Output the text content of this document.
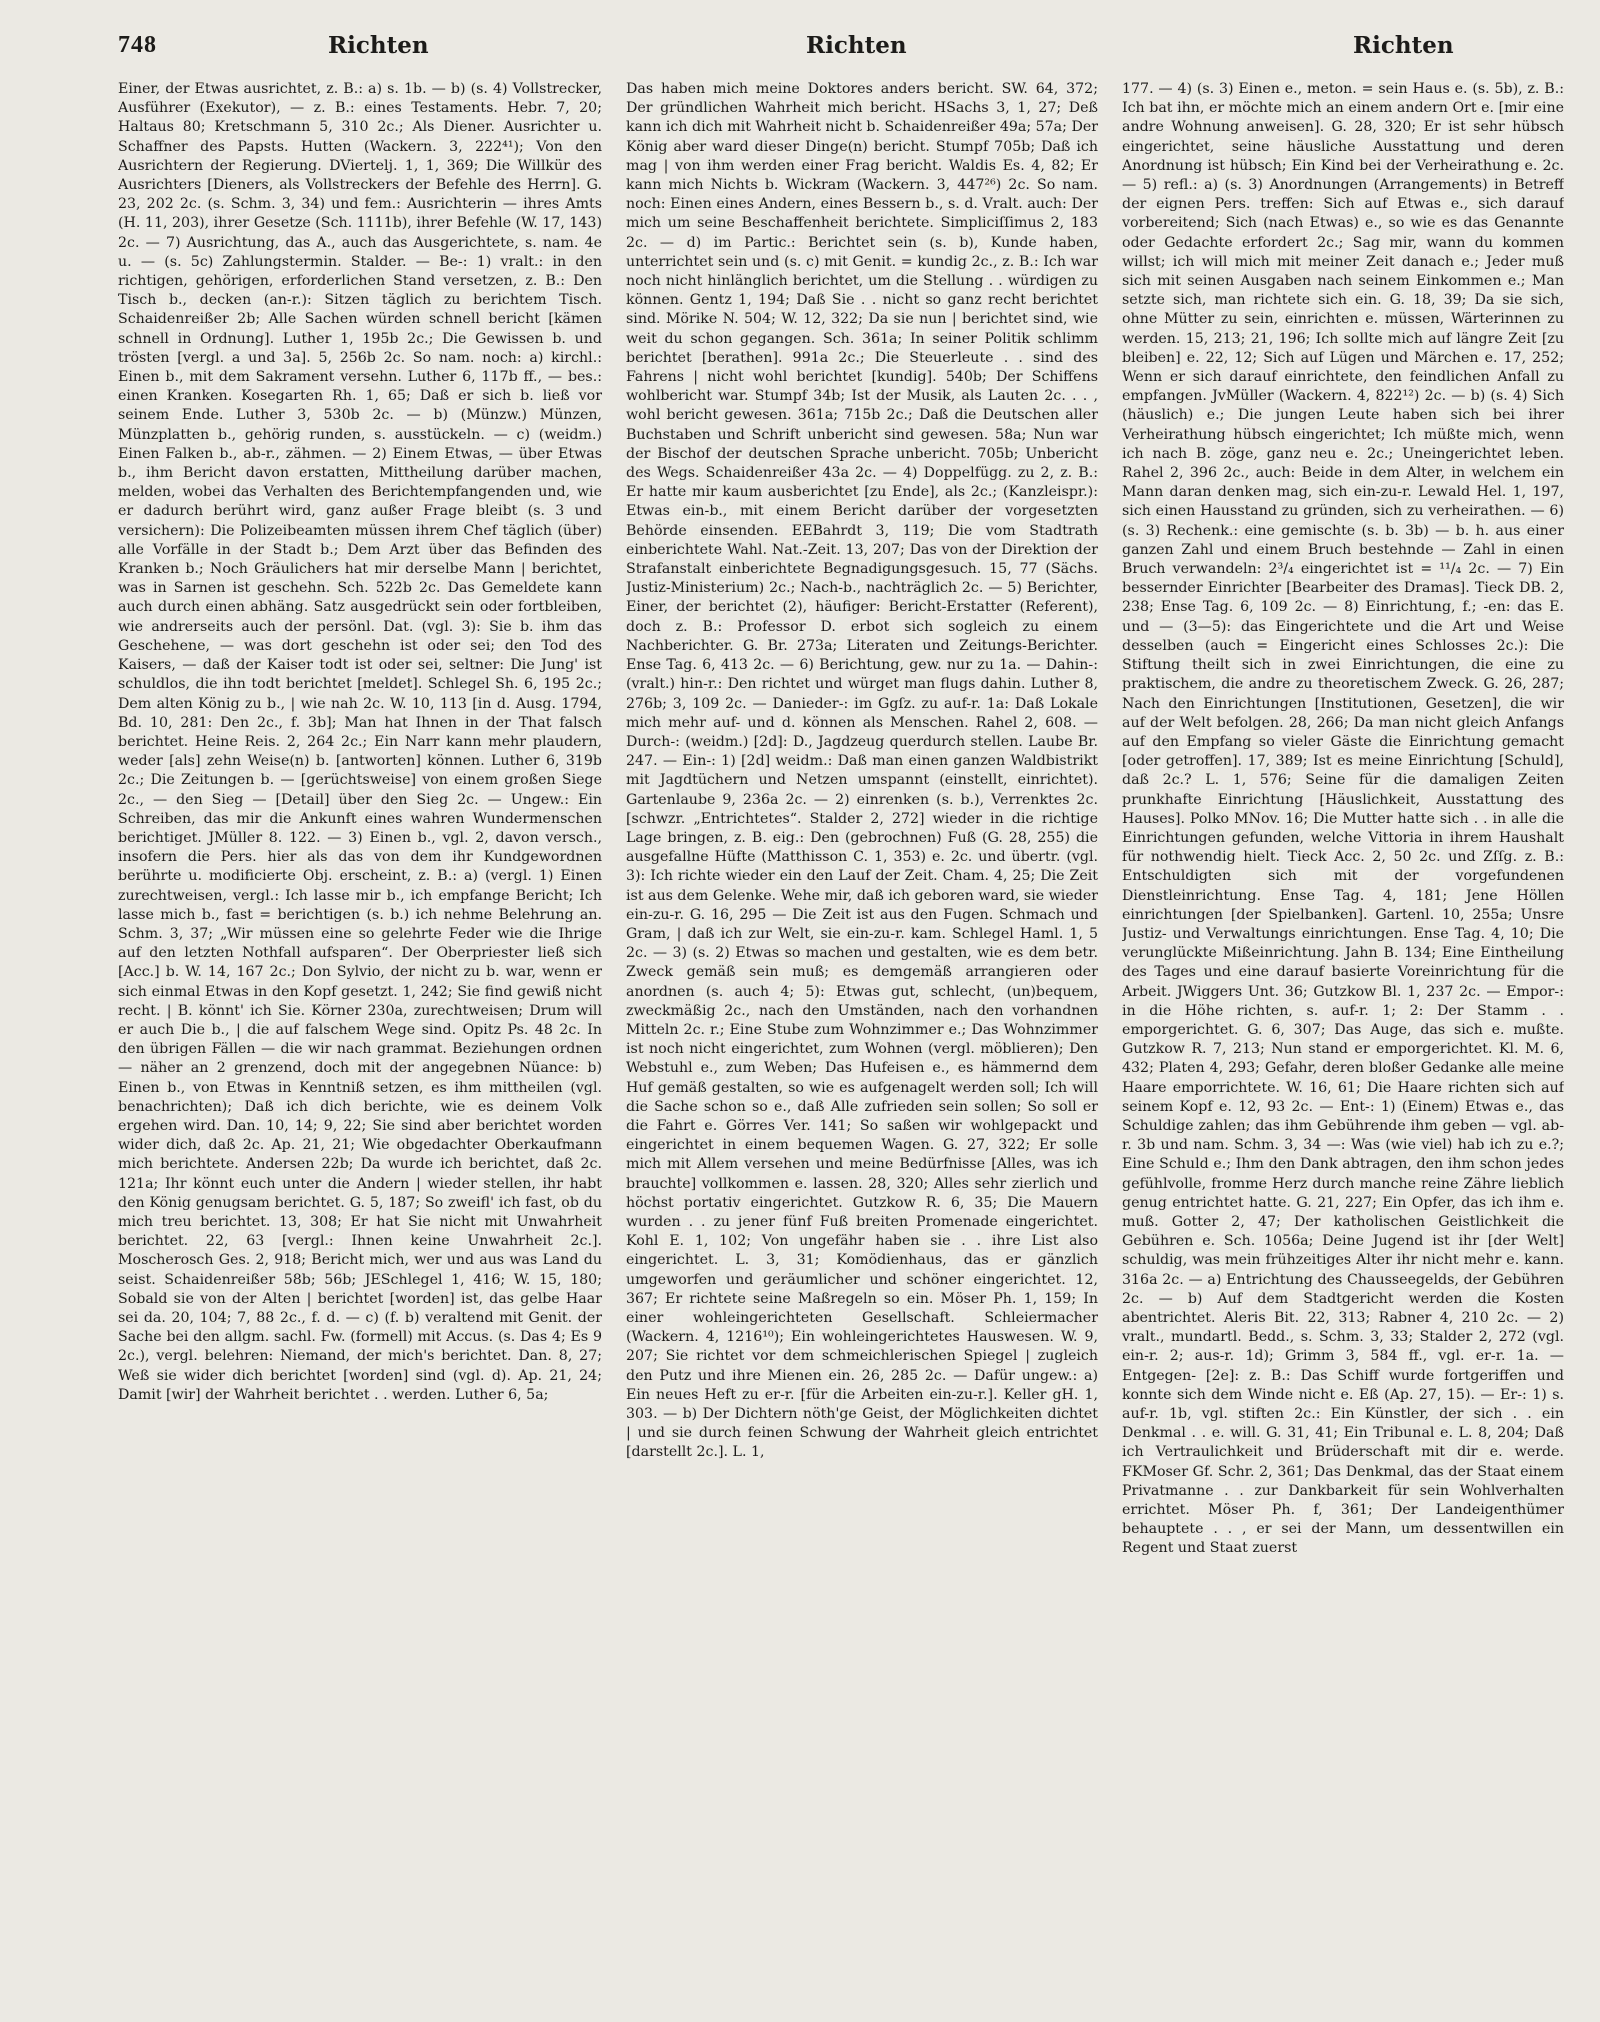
748	Richten	Richten	Richten

Einer, der Etwas ausrichtet, z. B.: a) s. 1b. — b) (s. 4) Vollstrecker, Ausführer (Exekutor), — z. B.: eines Testaments. Hebr. 7, 20; Haltaus 80; Kretschmann 5, 310 2c.; Als Diener. Ausrichter u. Schaffner des Papsts. Hutten (Wackern. 3, 222⁴¹); Von den Ausrichtern der Regierung. DViertelj. 1, 1, 369; Die Willkür des Ausrichters [Dieners, als Vollstreckers der Befehle des Herrn]. G. 23, 202 2c. (s. Schm. 3, 34) und fem.: Ausrichterin — ihres Amts (H. 11, 203), ihrer Gesetze (Sch. 1111b), ihrer Befehle (W. 17, 143) 2c. — 7) Ausrichtung, das A., auch das Ausgerichtete, s. nam. 4e u. — (s. 5c) Zahlungstermin. Stalder. — Be-: 1) vralt.: in den richtigen, gehörigen, erforderlichen Stand versetzen, z. B.: Den Tisch b., decken (an-r.): Sitzen täglich zu berichtem Tisch. Schaidenreißer 2b; Alle Sachen würden schnell bericht [kämen schnell in Ordnung]. Luther 1, 195b 2c.; Die Gewissen b. und trösten [vergl. a und 3a]. 5, 256b 2c. So nam. noch: a) kirchl.: Einen b., mit dem Sakrament versehn. Luther 6, 117b ff., — bes.: einen Kranken. Kosegarten Rh. 1, 65; Daß er sich b. ließ vor seinem Ende. Luther 3, 530b 2c. — b) (Münzw.) Münzen, Münzplatten b., gehörig runden, s. ausstückeln. — c) (weidm.) Einen Falken b., ab-r., zähmen. — 2) Einem Etwas, — über Etwas b., ihm Bericht davon erstatten, Mittheilung darüber machen, melden, wobei das Verhalten des Berichtempfangenden und, wie er dadurch berührt wird, ganz außer Frage bleibt (s. 3 und versichern): Die Polizeibeamten müssen ihrem Chef täglich (über) alle Vorfälle in der Stadt b.; Dem Arzt über das Befinden des Kranken b.; Noch Gräulichers hat mir derselbe Mann | berichtet, was in Sarnen ist geschehn. Sch. 522b 2c. Das Gemeldete kann auch durch einen abhäng. Satz ausgedrückt sein oder fortbleiben, wie andrerseits auch der persönl. Dat. (vgl. 3): Sie b. ihm das Geschehene, — was dort geschehn ist oder sei; den Tod des Kaisers, — daß der Kaiser todt ist oder sei, seltner: Die Jung' ist schuldlos, die ihn todt berichtet [meldet]. Schlegel Sh. 6, 195 2c.; Dem alten König zu b., | wie nah 2c. W. 10, 113 [in d. Ausg. 1794, Bd. 10, 281: Den 2c., f. 3b]; Man hat Ihnen in der That falsch berichtet. Heine Reis. 2, 264 2c.; Ein Narr kann mehr plaudern, weder [als] zehn Weise(n) b. [antworten] können. Luther 6, 319b 2c.; Die Zeitungen b. — [gerüchtsweise] von einem großen Siege 2c., — den Sieg — [Detail] über den Sieg 2c. — Ungew.: Ein Schreiben, das mir die Ankunft eines wahren Wundermenschen berichtiget. JMüller 8. 122. — 3) Einen b., vgl. 2, davon versch., insofern die Pers. hier als das von dem ihr Kundgewordnen berührte u. modificierte Obj. erscheint, z. B.: a) (vergl. 1) Einen zurechtweisen, vergl.: Ich lasse mir b., ich empfange Bericht; Ich lasse mich b., fast = berichtigen (s. b.) ich nehme Belehrung an. Schm. 3, 37; „Wir müssen eine so gelehrte Feder wie die Ihrige auf den letzten Nothfall aufsparen“. Der Oberpriester ließ sich [Acc.] b. W. 14, 167 2c.; Don Sylvio, der nicht zu b. war, wenn er sich einmal Etwas in den Kopf gesetzt. 1, 242; Sie find gewiß nicht recht. | B. könnt' ich Sie. Körner 230a, zurechtweisen; Drum will er auch Die b., | die auf falschem Wege sind. Opitz Ps. 48 2c. In den übrigen Fällen — die wir nach grammat. Beziehungen ordnen — näher an 2 grenzend, doch mit der angegebnen Nüance: b) Einen b., von Etwas in Kenntniß setzen, es ihm mittheilen (vgl. benachrichten); Daß ich dich berichte, wie es deinem Volk ergehen wird. Dan. 10, 14; 9, 22; Sie sind aber berichtet worden wider dich, daß 2c. Ap. 21, 21; Wie obgedachter Oberkaufmann mich berichtete. Andersen 22b; Da wurde ich berichtet, daß 2c. 121a; Ihr könnt euch unter die Andern | wieder stellen, ihr habt den König genugsam berichtet. G. 5, 187; So zweifl' ich fast, ob du mich treu berichtet. 13, 308; Er hat Sie nicht mit Unwahrheit berichtet. 22, 63 [vergl.: Ihnen keine Unwahrheit 2c.]. Moscherosch Ges. 2, 918; Bericht mich, wer und aus was Land du seist. Schaidenreißer 58b; 56b; JESchlegel 1, 416; W. 15, 180; Sobald sie von der Alten | berichtet [worden] ist, das gelbe Haar sei da. 20, 104; 7, 88 2c., f. d. — c) (f. b) veraltend mit Genit. der Sache bei den allgm. sachl. Fw. (formell) mit Accus. (s. Das 4; Es 9 2c.), vergl. belehren: Niemand, der mich's berichtet. Dan. 8, 27; Weß sie wider dich berichtet [worden] sind (vgl. d). Ap. 21, 24; Damit [wir] der Wahrheit berichtet . . werden. Luther 6, 5a;

Das haben mich meine Doktores anders bericht. SW. 64, 372; Der gründlichen Wahrheit mich bericht. HSachs 3, 1, 27; Deß kann ich dich mit Wahrheit nicht b. Schaidenreißer 49a; 57a; Der König aber ward dieser Dinge(n) bericht. Stumpf 705b; Daß ich mag | von ihm werden einer Frag bericht. Waldis Es. 4, 82; Er kann mich Nichts b. Wickram (Wackern. 3, 447²⁶) 2c. So nam. noch: Einen eines Andern, eines Bessern b., s. d. Vralt. auch: Der mich um seine Beschaffenheit berichtete. Simpliciſſimus 2, 183 2c. — d) im Partic.: Berichtet sein (s. b), Kunde haben, unterrichtet sein und (s. c) mit Genit. = kundig 2c., z. B.: Ich war noch nicht hinlänglich berichtet, um die Stellung . . würdigen zu können. Gentz 1, 194; Daß Sie . . nicht so ganz recht berichtet sind. Mörike N. 504; W. 12, 322; Da sie nun | berichtet sind, wie weit du schon gegangen. Sch. 361a; In seiner Politik schlimm berichtet [berathen]. 991a 2c.; Die Steuerleute . . sind des Fahrens | nicht wohl berichtet [kundig]. 540b; Der Schiffens wohlbericht war. Stumpf 34b; Ist der Musik, als Lauten 2c. . . , wohl bericht gewesen. 361a; 715b 2c.; Daß die Deutschen aller Buchstaben und Schrift unbericht sind gewesen. 58a; Nun war der Bischof der deutschen Sprache unbericht. 705b; Unbericht des Wegs. Schaidenreißer 43a 2c. — 4) Doppelfügg. zu 2, z. B.: Er hatte mir kaum ausberichtet [zu Ende], als 2c.; (Kanzleispr.): Etwas ein-b., mit einem Bericht darüber der vorgesetzten Behörde einsenden. EEBahrdt 3, 119; Die vom Stadtrath einberichtete Wahl. Nat.-Zeit. 13, 207; Das von der Direktion der Strafanstalt einberichtete Begnadigungsgesuch. 15, 77 (Sächs. Justiz-Ministerium) 2c.; Nach-b., nachträglich 2c. — 5) Berichter, Einer, der berichtet (2), häufiger: Bericht-Erstatter (Referent), doch z. B.: Professor D. erbot sich sogleich zu einem Nachberichter. G. Br. 273a; Literaten und Zeitungs-Berichter. Ense Tag. 6, 413 2c. — 6) Berichtung, gew. nur zu 1a. — Dahin-: (vralt.) hin-r.: Den richtet und würget man flugs dahin. Luther 8, 276b; 3, 109 2c. — Danieder-: im Ggſz. zu auf-r. 1a: Daß Lokale mich mehr auf- und d. können als Menschen. Rahel 2, 608. — Durch-: (weidm.) [2d]: D., Jagdzeug querdurch stellen. Laube Br. 247. — Ein-: 1) [2d] weidm.: Daß man einen ganzen Waldbistrikt mit Jagdtüchern und Netzen umspannt (einstellt, einrichtet). Gartenlaube 9, 236a 2c. — 2) einrenken (s. b.), Verrenktes 2c. [schwzr. „Entrichtetes“. Stalder 2, 272] wieder in die richtige Lage bringen, z. B. eig.: Den (gebrochnen) Fuß (G. 28, 255) die ausgefallne Hüfte (Matthisson C. 1, 353) e. 2c. und übertr. (vgl. 3): Ich richte wieder ein den Lauf der Zeit. Cham. 4, 25; Die Zeit ist aus dem Gelenke. Wehe mir, daß ich geboren ward, sie wieder ein-zu-r. G. 16, 295 — Die Zeit ist aus den Fugen. Schmach und Gram, | daß ich zur Welt, sie ein-zu-r. kam. Schlegel Haml. 1, 5 2c. — 3) (s. 2) Etwas so machen und gestalten, wie es dem betr. Zweck gemäß sein muß; es demgemäß arrangieren oder anordnen (s. auch 4; 5): Etwas gut, schlecht, (un)bequem, zweckmäßig 2c., nach den Umständen, nach den vorhandnen Mitteln 2c. r.; Eine Stube zum Wohnzimmer e.; Das Wohnzimmer ist noch nicht eingerichtet, zum Wohnen (vergl. möblieren); Den Webstuhl e., zum Weben; Das Hufeisen e., es hämmernd dem Huf gemäß gestalten, so wie es aufgenagelt werden soll; Ich will die Sache schon so e., daß Alle zufrieden sein sollen; So soll er die Fahrt e. Görres Ver. 141; So saßen wir wohlgepackt und eingerichtet in einem bequemen Wagen. G. 27, 322; Er solle mich mit Allem versehen und meine Bedürfnisse [Alles, was ich brauchte] vollkommen e. lassen. 28, 320; Alles sehr zierlich und höchst portativ eingerichtet. Gutzkow R. 6, 35; Die Mauern wurden . . zu jener fünf Fuß breiten Promenade eingerichtet. Kohl E. 1, 102; Von ungefähr haben sie . . ihre List also eingerichtet. L. 3, 31; Komödienhaus, das er gänzlich umgeworfen und geräumlicher und schöner eingerichtet. 12, 367; Er richtete seine Maßregeln so ein. Möser Ph. 1, 159; In einer wohleingerichteten Gesellschaft. Schleiermacher (Wackern. 4, 1216¹⁰); Ein wohleingerichtetes Hauswesen. W. 9, 207; Sie richtet vor dem schmeichlerischen Spiegel | zugleich den Putz und ihre Mienen ein. 26, 285 2c. — Dafür ungew.: a) Ein neues Heft zu er-r. [für die Arbeiten ein-zu-r.]. Keller gH. 1, 303. — b) Der Dichtern nöth'ge Geist, der Möglichkeiten dichtet | und sie durch feinen Schwung der Wahrheit gleich entrichtet [darstellt 2c.]. L. 1,

177. — 4) (s. 3) Einen e., meton. = sein Haus e. (s. 5b), z. B.: Ich bat ihn, er möchte mich an einem andern Ort e. [mir eine andre Wohnung anweisen]. G. 28, 320; Er ist sehr hübsch eingerichtet, seine häusliche Ausstattung und deren Anordnung ist hübsch; Ein Kind bei der Verheirathung e. 2c. — 5) refl.: a) (s. 3) Anordnungen (Arrangements) in Betreff der eignen Pers. treffen: Sich auf Etwas e., sich darauf vorbereitend; Sich (nach Etwas) e., so wie es das Genannte oder Gedachte erfordert 2c.; Sag mir, wann du kommen willst; ich will mich mit meiner Zeit danach e.; Jeder muß sich mit seinen Ausgaben nach seinem Einkommen e.; Man setzte sich, man richtete sich ein. G. 18, 39; Da sie sich, ohne Mütter zu sein, einrichten e. müssen, Wärterinnen zu werden. 15, 213; 21, 196; Ich sollte mich auf längre Zeit [zu bleiben] e. 22, 12; Sich auf Lügen und Märchen e. 17, 252; Wenn er sich darauf einrichtete, den feindlichen Anfall zu empfangen. JvMüller (Wackern. 4, 822¹²) 2c. — b) (s. 4) Sich (häuslich) e.; Die jungen Leute haben sich bei ihrer Verheirathung hübsch eingerichtet; Ich müßte mich, wenn ich nach B. zöge, ganz neu e. 2c.; Uneingerichtet leben. Rahel 2, 396 2c., auch: Beide in dem Alter, in welchem ein Mann daran denken mag, sich ein-zu-r. Lewald Hel. 1, 197, sich einen Hausstand zu gründen, sich zu verheirathen. — 6) (s. 3) Rechenk.: eine gemischte (s. b. 3b) — b. h. aus einer ganzen Zahl und einem Bruch bestehnde — Zahl in einen Bruch verwandeln: 2³/₄ eingerichtet ist = ¹¹/₄ 2c. — 7) Ein bessernder Einrichter [Bearbeiter des Dramas]. Tieck DB. 2, 238; Ense Tag. 6, 109 2c. — 8) Einrichtung, f.; -en: das E. und — (3—5): das Eingerichtete und die Art und Weise desselben (auch = Eingericht eines Schlosses 2c.): Die Stiftung theilt sich in zwei Einrichtungen, die eine zu praktischem, die andre zu theoretischem Zweck. G. 26, 287; Nach den Einrichtungen [Institutionen, Gesetzen], die wir auf der Welt befolgen. 28, 266; Da man nicht gleich Anfangs auf den Empfang so vieler Gäste die Einrichtung gemacht [oder getroffen]. 17, 389; Ist es meine Einrichtung [Schuld], daß 2c.? L. 1, 576; Seine für die damaligen Zeiten prunkhafte Einrichtung [Häuslichkeit, Ausstattung des Hauses]. Polko MNov. 16; Die Mutter hatte sich . . in alle die Einrichtungen gefunden, welche Vittoria in ihrem Haushalt für nothwendig hielt. Tieck Acc. 2, 50 2c. und Zſſg. z. B.: Entschuldigten sich mit der vorgefundenen Dienstleinrichtung. Ense Tag. 4, 181; Jene Höllen einrichtungen [der Spielbanken]. Gartenl. 10, 255a; Unsre Justiz- und Verwaltungs einrichtungen. Ense Tag. 4, 10; Die verunglückte Mißeinrichtung. Jahn B. 134; Eine Eintheilung des Tages und eine darauf basierte Voreinrichtung für die Arbeit. JWiggers Unt. 36; Gutzkow Bl. 1, 237 2c. — Empor-: in die Höhe richten, s. auf-r. 1; 2: Der Stamm . . emporgerichtet. G. 6, 307; Das Auge, das sich e. mußte. Gutzkow R. 7, 213; Nun stand er emporgerichtet. Kl. M. 6, 432; Platen 4, 293; Gefahr, deren bloßer Gedanke alle meine Haare emporrichtete. W. 16, 61; Die Haare richten sich auf seinem Kopf e. 12, 93 2c. — Ent-: 1) (Einem) Etwas e., das Schuldige zahlen; das ihm Gebührende ihm geben — vgl. ab-r. 3b und nam. Schm. 3, 34 —: Was (wie viel) hab ich zu e.?; Eine Schuld e.; Ihm den Dank abtragen, den ihm schon jedes gefühlvolle, fromme Herz durch manche reine Zähre lieblich genug entrichtet hatte. G. 21, 227; Ein Opfer, das ich ihm e. muß. Gotter 2, 47; Der katholischen Geistlichkeit die Gebühren e. Sch. 1056a; Deine Jugend ist ihr [der Welt] schuldig, was mein frühzeitiges Alter ihr nicht mehr e. kann. 316a 2c. — a) Entrichtung des Chausseegelds, der Gebühren 2c. — b) Auf dem Stadtgericht werden die Kosten abentrichtet. Aleris Bit. 22, 313; Rabner 4, 210 2c. — 2) vralt., mundartl. Bedd., s. Schm. 3, 33; Stalder 2, 272 (vgl. ein-r. 2; aus-r. 1d); Grimm 3, 584 ff., vgl. er-r. 1a. — Entgegen- [2e]: z. B.: Das Schiff wurde fortgeriffen und konnte sich dem Winde nicht e. Eß (Ap. 27, 15). — Er-: 1) s. auf-r. 1b, vgl. stiften 2c.: Ein Künstler, der sich . . ein Denkmal . . e. will. G. 31, 41; Ein Tribunal e. L. 8, 204; Daß ich Vertraulichkeit und Brüderschaft mit dir e. werde. FKMoser Gf. Schr. 2, 361; Das Denkmal, das der Staat einem Privatmanne . . zur Dankbarkeit für sein Wohlverhalten errichtet. Möser Ph. f, 361; Der Landeigenthümer behauptete . . , er sei der Mann, um dessentwillen ein Regent und Staat zuerst
